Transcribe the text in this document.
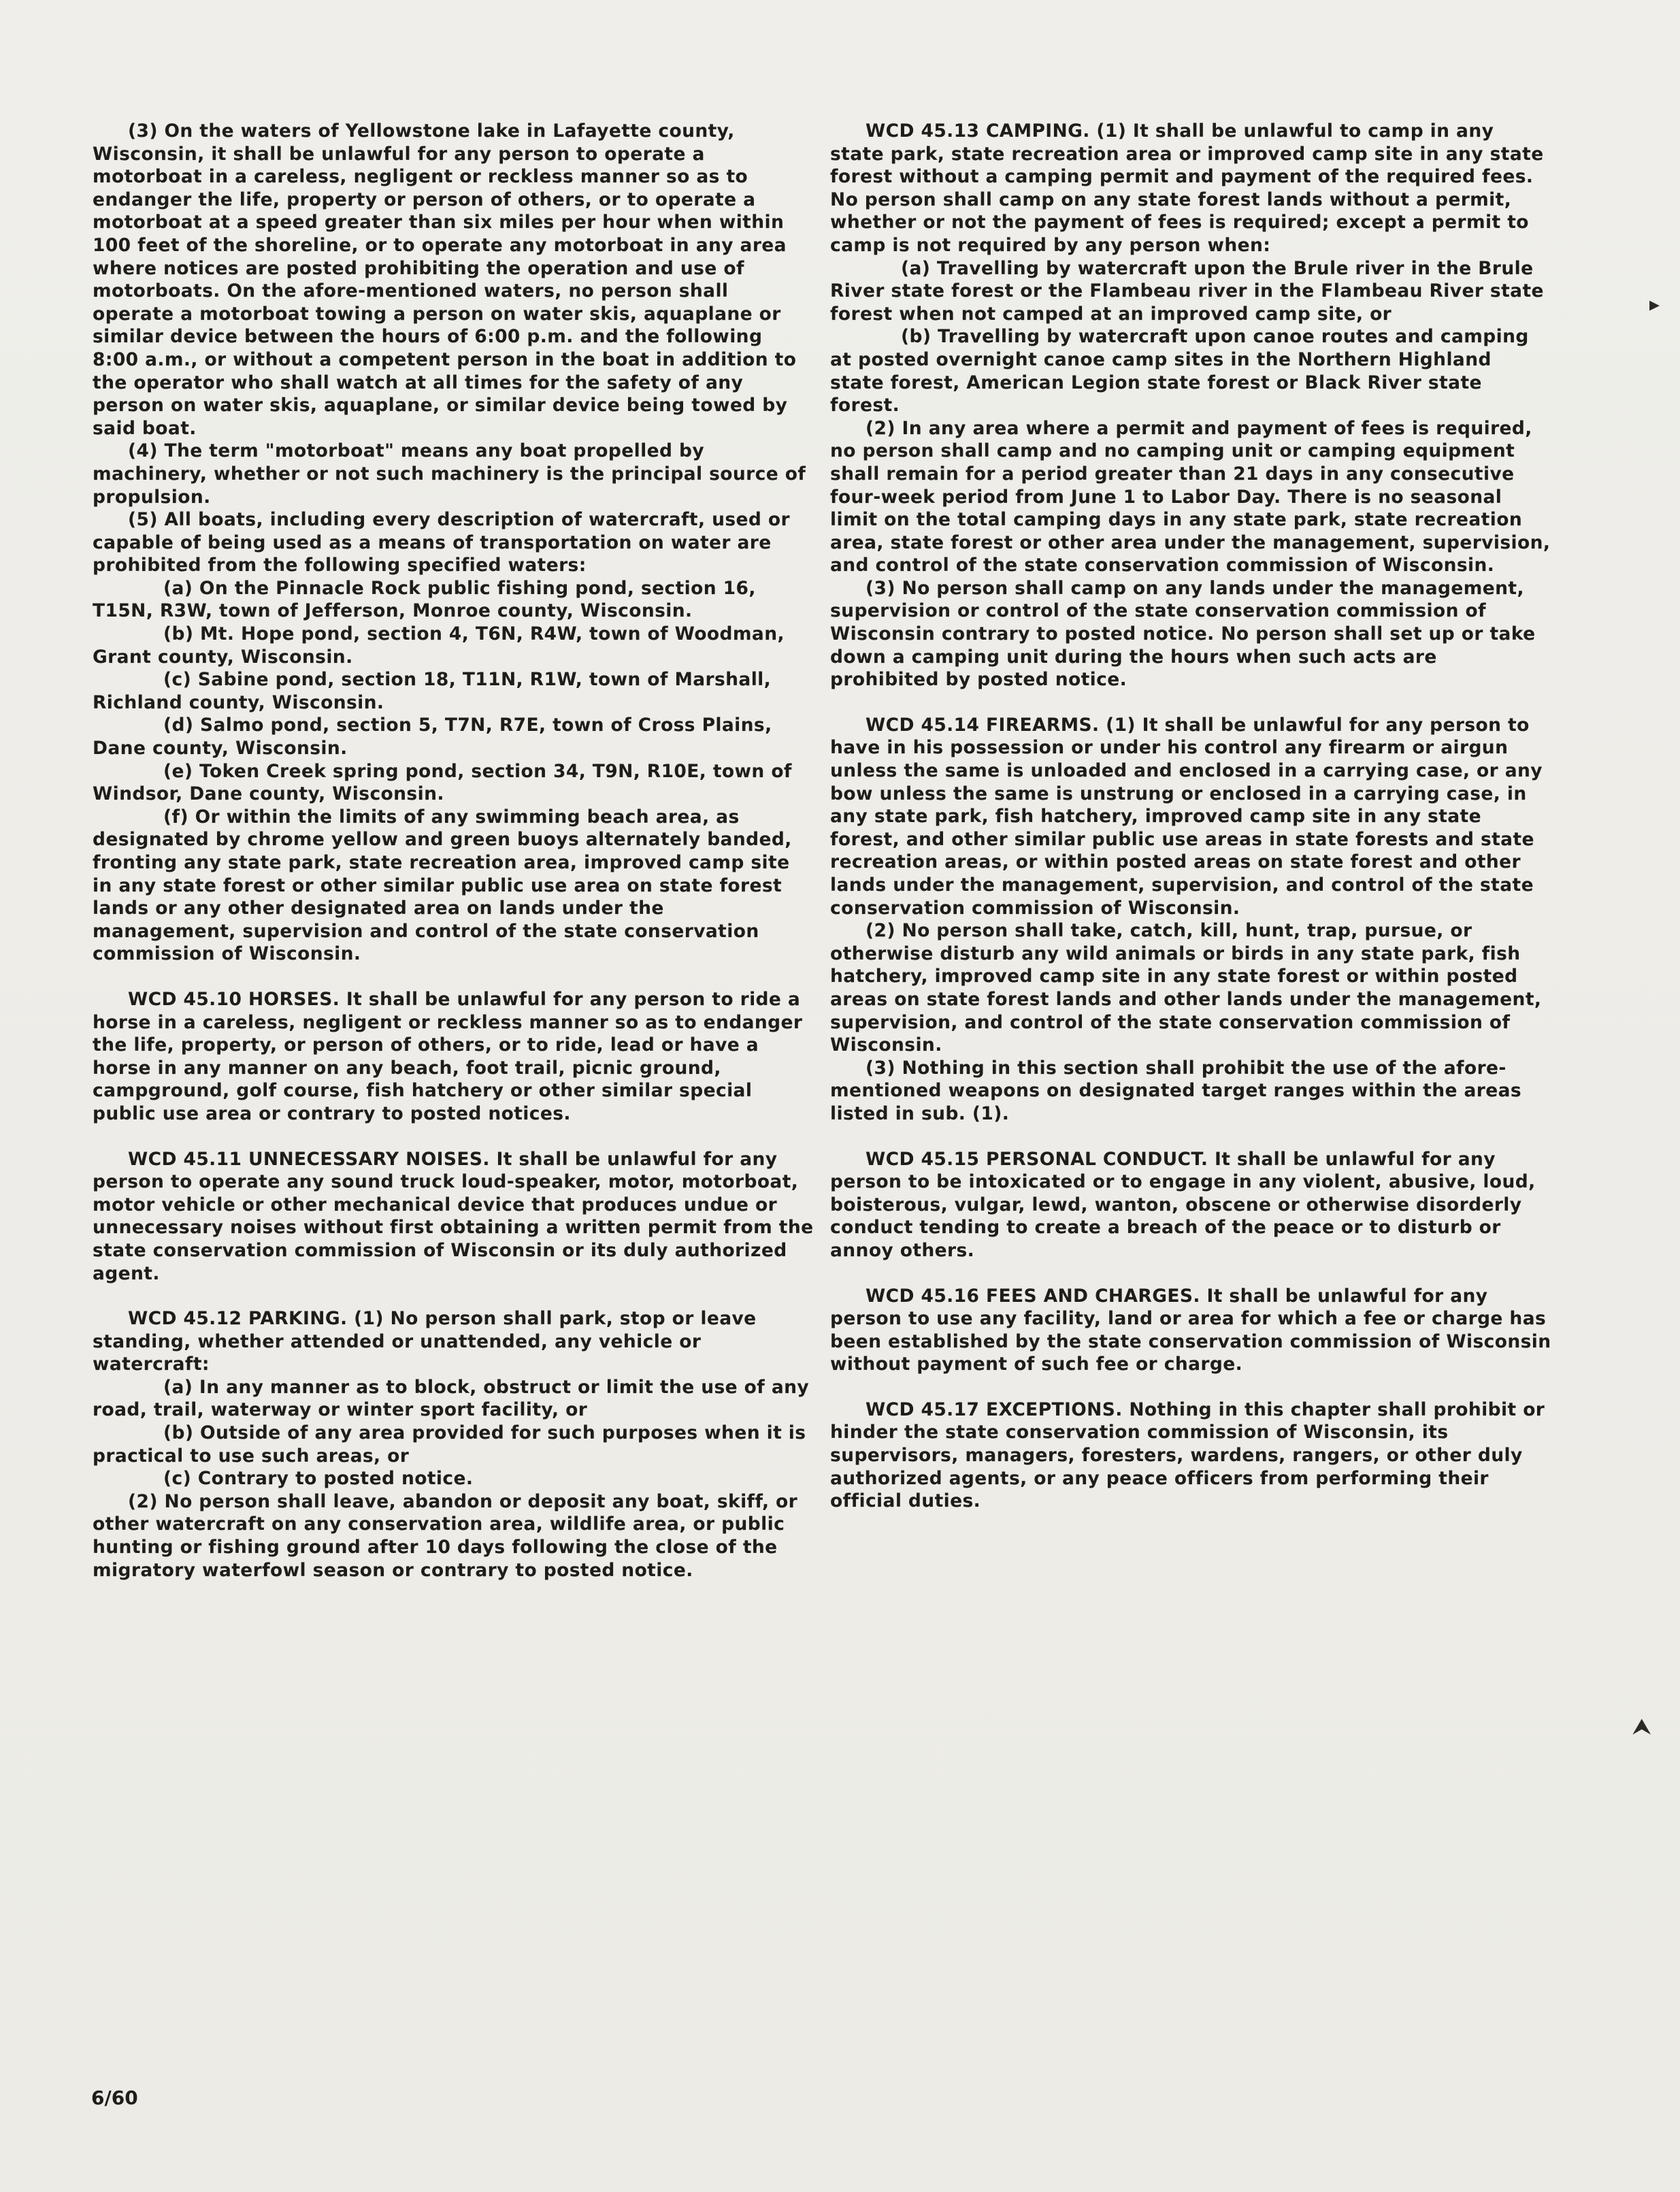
(3) On the waters of Yellowstone lake in Lafayette county, Wisconsin, it shall be unlawful for any person to operate a motorboat in a careless, negligent or reckless manner so as to endanger the life, property or person of others, or to operate a motorboat at a speed greater than six miles per hour when within 100 feet of the shoreline, or to operate any motorboat in any area where notices are posted prohibiting the operation and use of motorboats. On the afore-mentioned waters, no person shall operate a motorboat towing a person on water skis, aquaplane or similar device between the hours of 6:00 p.m. and the following 8:00 a.m., or without a competent person in the boat in addition to the operator who shall watch at all times for the safety of any person on water skis, aquaplane, or similar device being towed by said boat.

(4) The term "motorboat" means any boat propelled by machinery, whether or not such machinery is the principal source of propulsion.

(5) All boats, including every description of watercraft, used or capable of being used as a means of transportation on water are prohibited from the following specified waters:

(a) On the Pinnacle Rock public fishing pond, section 16, T15N, R3W, town of Jefferson, Monroe county, Wisconsin.

(b) Mt. Hope pond, section 4, T6N, R4W, town of Woodman, Grant county, Wisconsin.

(c) Sabine pond, section 18, T11N, R1W, town of Marshall, Richland county, Wisconsin.

(d) Salmo pond, section 5, T7N, R7E, town of Cross Plains, Dane county, Wisconsin.

(e) Token Creek spring pond, section 34, T9N, R10E, town of Windsor, Dane county, Wisconsin.

(f) Or within the limits of any swimming beach area, as designated by chrome yellow and green buoys alternately banded, fronting any state park, state recreation area, improved camp site in any state forest or other similar public use area on state forest lands or any other designated area on lands under the management, supervision and control of the state conservation commission of Wisconsin.

WCD 45.10 HORSES. It shall be unlawful for any person to ride a horse in a careless, negligent or reckless manner so as to endanger the life, property, or person of others, or to ride, lead or have a horse in any manner on any beach, foot trail, picnic ground, campground, golf course, fish hatchery or other similar special public use area or contrary to posted notices.

WCD 45.11 UNNECESSARY NOISES. It shall be unlawful for any person to operate any sound truck loud-speaker, motor, motorboat, motor vehicle or other mechanical device that produces undue or unnecessary noises without first obtaining a written permit from the state conservation commission of Wisconsin or its duly authorized agent.

WCD 45.12 PARKING. (1) No person shall park, stop or leave standing, whether attended or unattended, any vehicle or watercraft:

(a) In any manner as to block, obstruct or limit the use of any road, trail, waterway or winter sport facility, or

(b) Outside of any area provided for such purposes when it is practical to use such areas, or

(c) Contrary to posted notice.

(2) No person shall leave, abandon or deposit any boat, skiff, or other watercraft on any conservation area, wildlife area, or public hunting or fishing ground after 10 days following the close of the migratory waterfowl season or contrary to posted notice.

WCD 45.13 CAMPING. (1) It shall be unlawful to camp in any state park, state recreation area or improved camp site in any state forest without a camping permit and payment of the required fees. No person shall camp on any state forest lands without a permit, whether or not the payment of fees is required; except a permit to camp is not required by any person when:

(a) Travelling by watercraft upon the Brule river in the Brule River state forest or the Flambeau river in the Flambeau River state forest when not camped at an improved camp site, or

(b) Travelling by watercraft upon canoe routes and camping at posted overnight canoe camp sites in the Northern Highland state forest, American Legion state forest or Black River state forest.

(2) In any area where a permit and payment of fees is required, no person shall camp and no camping unit or camping equipment shall remain for a period greater than 21 days in any consecutive four-week period from June 1 to Labor Day. There is no seasonal limit on the total camping days in any state park, state recreation area, state forest or other area under the management, supervision, and control of the state conservation commission of Wisconsin.

(3) No person shall camp on any lands under the management, supervision or control of the state conservation commission of Wisconsin contrary to posted notice. No person shall set up or take down a camping unit during the hours when such acts are prohibited by posted notice.

WCD 45.14 FIREARMS. (1) It shall be unlawful for any person to have in his possession or under his control any firearm or airgun unless the same is unloaded and enclosed in a carrying case, or any bow unless the same is unstrung or enclosed in a carrying case, in any state park, fish hatchery, improved camp site in any state forest, and other similar public use areas in state forests and state recreation areas, or within posted areas on state forest and other lands under the management, supervision, and control of the state conservation commission of Wisconsin.

(2) No person shall take, catch, kill, hunt, trap, pursue, or otherwise disturb any wild animals or birds in any state park, fish hatchery, improved camp site in any state forest or within posted areas on state forest lands and other lands under the management, supervision, and control of the state conservation commission of Wisconsin.

(3) Nothing in this section shall prohibit the use of the afore-mentioned weapons on designated target ranges within the areas listed in sub. (1).

WCD 45.15 PERSONAL CONDUCT. It shall be unlawful for any person to be intoxicated or to engage in any violent, abusive, loud, boisterous, vulgar, lewd, wanton, obscene or otherwise disorderly conduct tending to create a breach of the peace or to disturb or annoy others.

WCD 45.16 FEES AND CHARGES. It shall be unlawful for any person to use any facility, land or area for which a fee or charge has been established by the state conservation commission of Wisconsin without payment of such fee or charge.

WCD 45.17 EXCEPTIONS. Nothing in this chapter shall prohibit or hinder the state conservation commission of Wisconsin, its supervisors, managers, foresters, wardens, rangers, or other duly authorized agents, or any peace officers from performing their official duties.

▸
⮝
6/60
